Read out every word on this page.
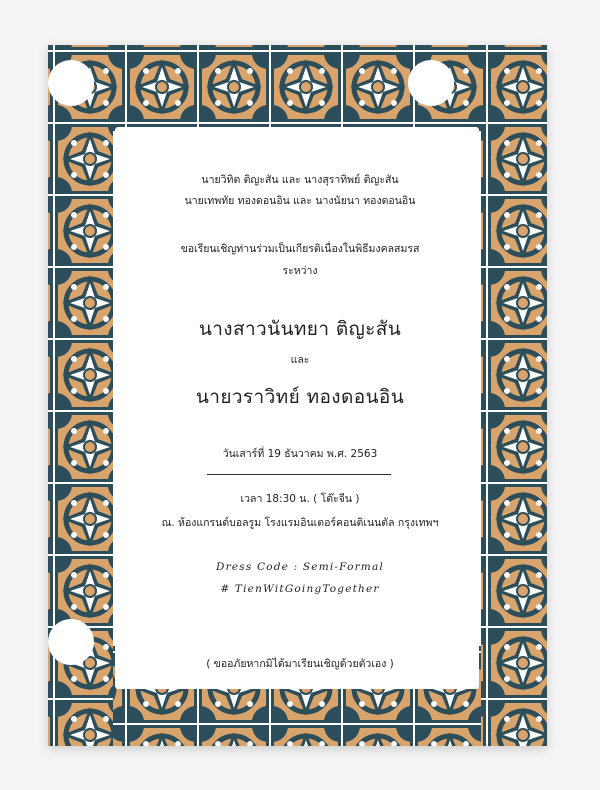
นายวิทิต ติญะสัน และ นางสุราทิพย์ ติญะสัน
นายเทพทัย ทองดอนอิน และ นางนัยนา ทองดอนอิน
ขอเรียนเชิญท่านร่วมเป็นเกียรติเนื่องในพิธีมงคลสมรส
ระหว่าง
นางสาวนันทยา ติญะสัน
และ
นายวราวิทย์ ทองดอนอิน
วันเสาร์ที่ 19 ธันวาคม พ.ศ. 2563
เวลา 18:30 น. ( โต๊ะจีน )
ณ. ห้องแกรนด์บอลรูม โรงแรมอินเตอร์คอนติเนนตัล กรุงเทพฯ
Dress Code : Semi-Formal
# TienWitGoingTogether
( ขออภัยหากมิได้มาเรียนเชิญด้วยตัวเอง )
